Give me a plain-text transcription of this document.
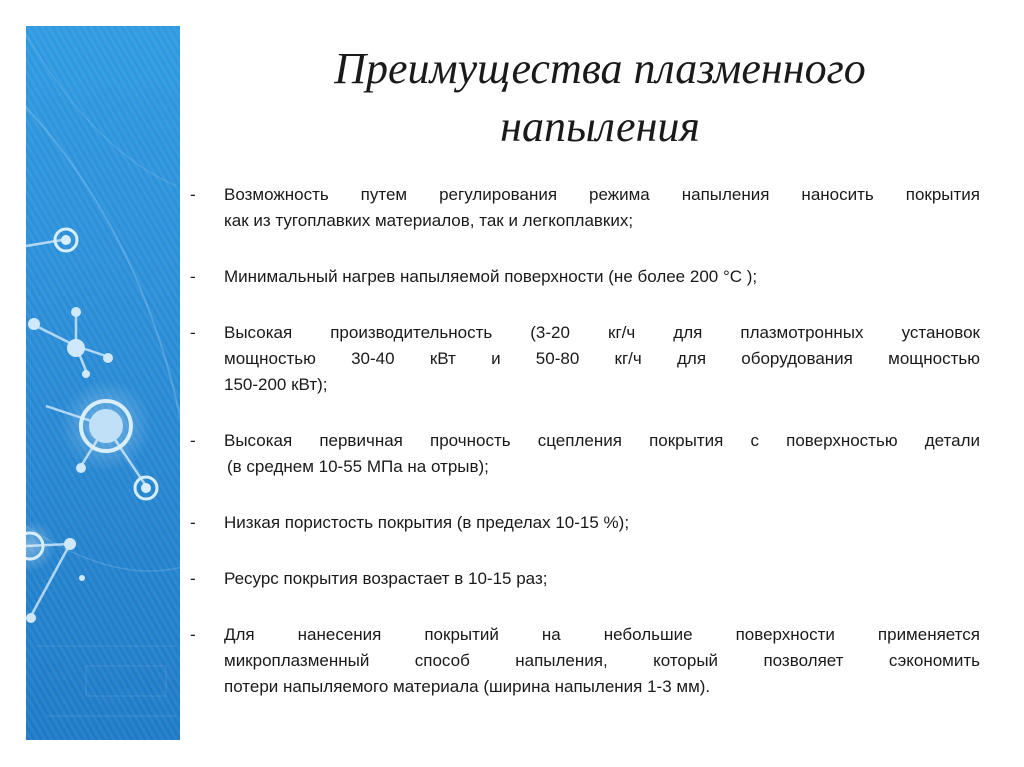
Преимущества плазменного
напыления
- Возможность путем регулирования режима напыления наносить покрытия
как из тугоплавких материалов, так и легкоплавких;
- Минимальный нагрев напыляемой поверхности (не более 200 °С );
- Высокая производительность (3-20 кг/ч для плазмотронных установок
мощностью 30-40 кВт и 50-80 кг/ч для оборудования мощностью
150-200 кВт);
- Высокая первичная прочность сцепления покрытия с поверхностью детали
(в среднем 10-55 МПа на отрыв);
- Низкая пористость покрытия (в пределах 10-15 %);
- Ресурс покрытия возрастает в 10-15 раз;
- Для нанесения покрытий на небольшие поверхности применяется
микроплазменный способ напыления, который позволяет сэкономить
потери напыляемого материала (ширина напыления 1-3 мм).
